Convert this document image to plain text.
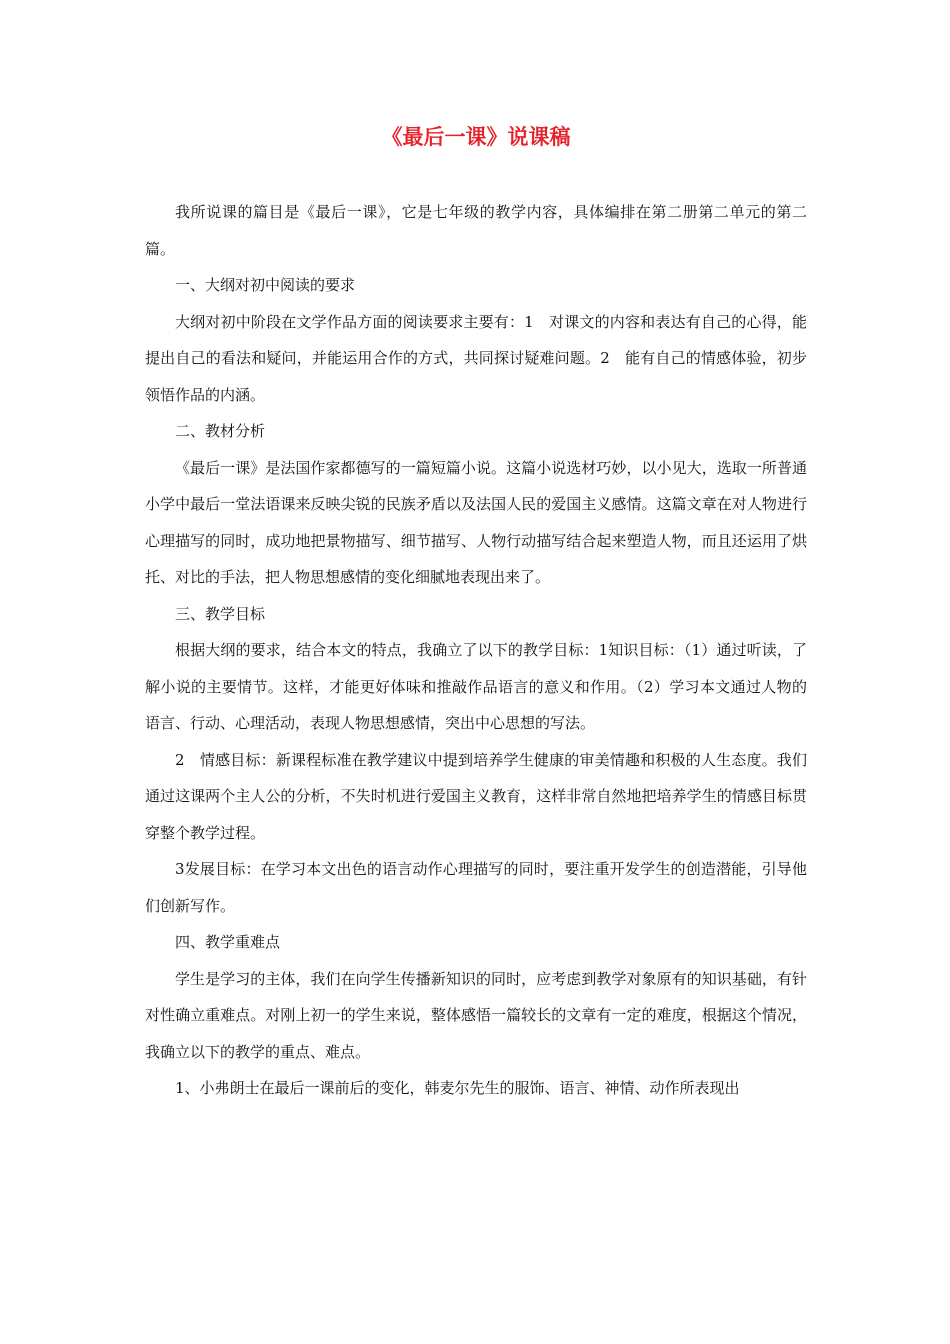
《最后一课》说课稿

我所说课的篇目是《最后一课》，它是七年级的教学内容，具体编排在第二册第二单元的第二篇。

一、大纲对初中阅读的要求

大纲对初中阶段在文学作品方面的阅读要求主要有：1　对课文的内容和表达有自己的心得，能提出自己的看法和疑问，并能运用合作的方式，共同探讨疑难问题。2　能有自己的情感体验，初步领悟作品的内涵。

二、教材分析

《最后一课》是法国作家都德写的一篇短篇小说。这篇小说选材巧妙，以小见大，选取一所普通小学中最后一堂法语课来反映尖锐的民族矛盾以及法国人民的爱国主义感情。这篇文章在对人物进行心理描写的同时，成功地把景物描写、细节描写、人物行动描写结合起来塑造人物，而且还运用了烘托、对比的手法，把人物思想感情的变化细腻地表现出来了。

三、教学目标

根据大纲的要求，结合本文的特点，我确立了以下的教学目标：1知识目标：（1）通过听读，了解小说的主要情节。这样，才能更好体味和推敲作品语言的意义和作用。（2）学习本文通过人物的语言、行动、心理活动，表现人物思想感情，突出中心思想的写法。

2　情感目标：新课程标准在教学建议中提到培养学生健康的审美情趣和积极的人生态度。我们通过这课两个主人公的分析，不失时机进行爱国主义教育，这样非常自然地把培养学生的情感目标贯穿整个教学过程。

3发展目标：在学习本文出色的语言动作心理描写的同时，要注重开发学生的创造潜能，引导他们创新写作。

四、教学重难点

学生是学习的主体，我们在向学生传播新知识的同时，应考虑到教学对象原有的知识基础，有针对性确立重难点。对刚上初一的学生来说，整体感悟一篇较长的文章有一定的难度，根据这个情况，我确立以下的教学的重点、难点。

1、小弗朗士在最后一课前后的变化，韩麦尔先生的服饰、语言、神情、动作所表现出
